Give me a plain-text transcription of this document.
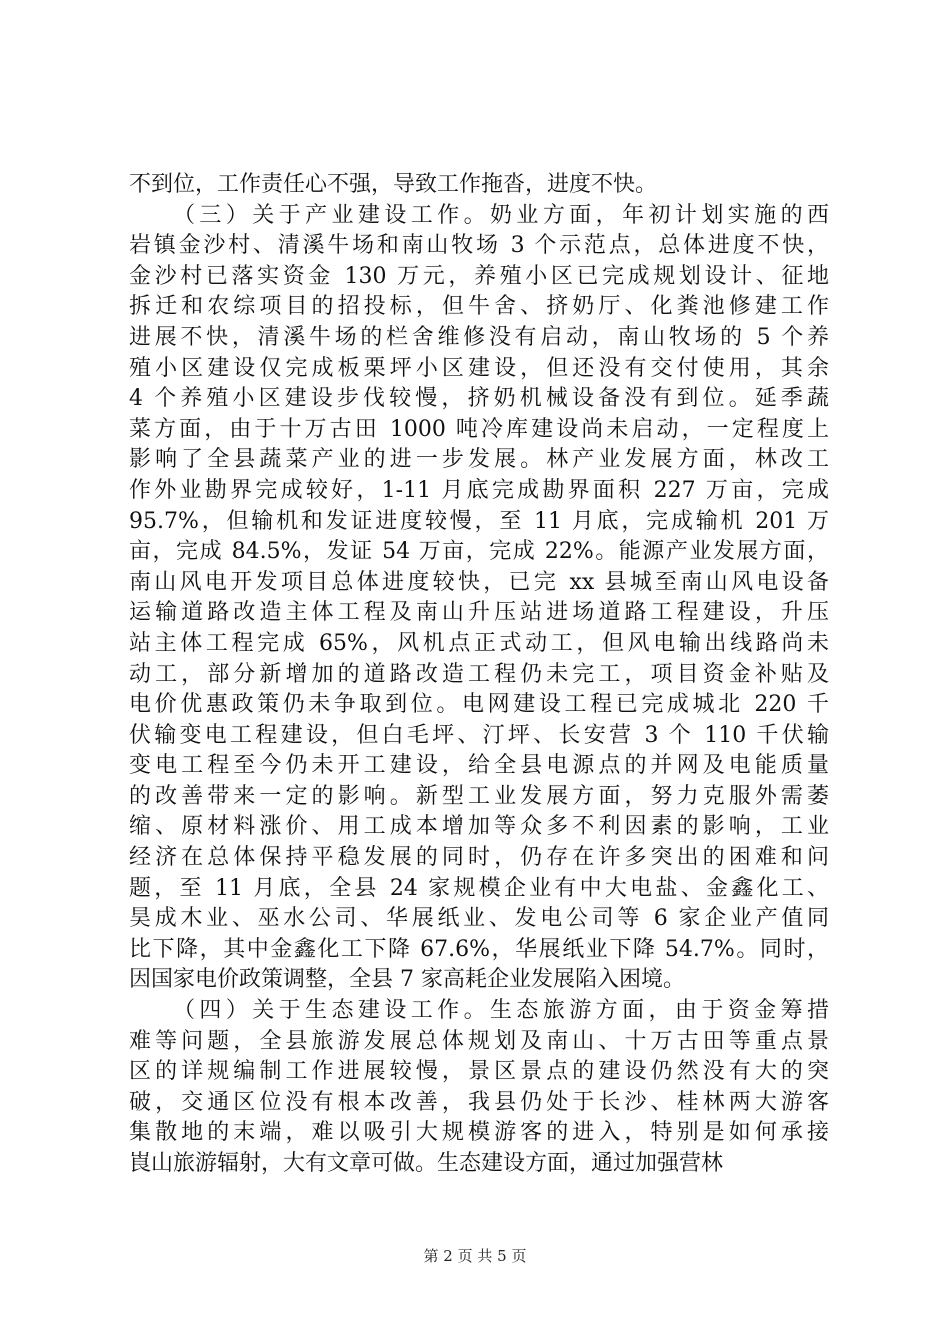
不到位，工作责任心不强，导致工作拖沓，进度不快。
（三）关于产业建设工作。奶业方面，年初计划实施的西
岩镇金沙村、清溪牛场和南山牧场 3 个示范点，总体进度不快，
金沙村已落实资金 130 万元，养殖小区已完成规划设计、征地
拆迁和农综项目的招投标，但牛舍、挤奶厅、化粪池修建工作
进展不快，清溪牛场的栏舍维修没有启动，南山牧场的 5 个养
殖小区建设仅完成板栗坪小区建设，但还没有交付使用，其余
4 个养殖小区建设步伐较慢，挤奶机械设备没有到位。延季蔬
菜方面，由于十万古田 1000 吨冷库建设尚未启动，一定程度上
影响了全县蔬菜产业的进一步发展。林产业发展方面，林改工
作外业勘界完成较好，1-11 月底完成勘界面积 227 万亩，完成
95.7%，但输机和发证进度较慢，至 11 月底，完成输机 201 万
亩，完成 84.5%，发证 54 万亩，完成 22%。能源产业发展方面，
南山风电开发项目总体进度较快，已完 xx 县城至南山风电设备
运输道路改造主体工程及南山升压站进场道路工程建设，升压
站主体工程完成 65%，风机点正式动工，但风电输出线路尚未
动工，部分新增加的道路改造工程仍未完工，项目资金补贴及
电价优惠政策仍未争取到位。电网建设工程已完成城北 220 千
伏输变电工程建设，但白毛坪、汀坪、长安营 3 个 110 千伏输
变电工程至今仍未开工建设，给全县电源点的并网及电能质量
的改善带来一定的影响。新型工业发展方面，努力克服外需萎
缩、原材料涨价、用工成本增加等众多不利因素的影响，工业
经济在总体保持平稳发展的同时，仍存在许多突出的困难和问
题，至 11 月底，全县 24 家规模企业有中大电盐、金鑫化工、
昊成木业、巫水公司、华展纸业、发电公司等 6 家企业产值同
比下降，其中金鑫化工下降 67.6%，华展纸业下降 54.7%。同时，
因国家电价政策调整，全县 7 家高耗企业发展陷入困境。
（四）关于生态建设工作。生态旅游方面，由于资金筹措
难等问题，全县旅游发展总体规划及南山、十万古田等重点景
区的详规编制工作进展较慢，景区景点的建设仍然没有大的突
破，交通区位没有根本改善，我县仍处于长沙、桂林两大游客
集散地的末端，难以吸引大规模游客的进入，特别是如何承接
崀山旅游辐射，大有文章可做。生态建设方面，通过加强营林
第 2 页 共 5 页
